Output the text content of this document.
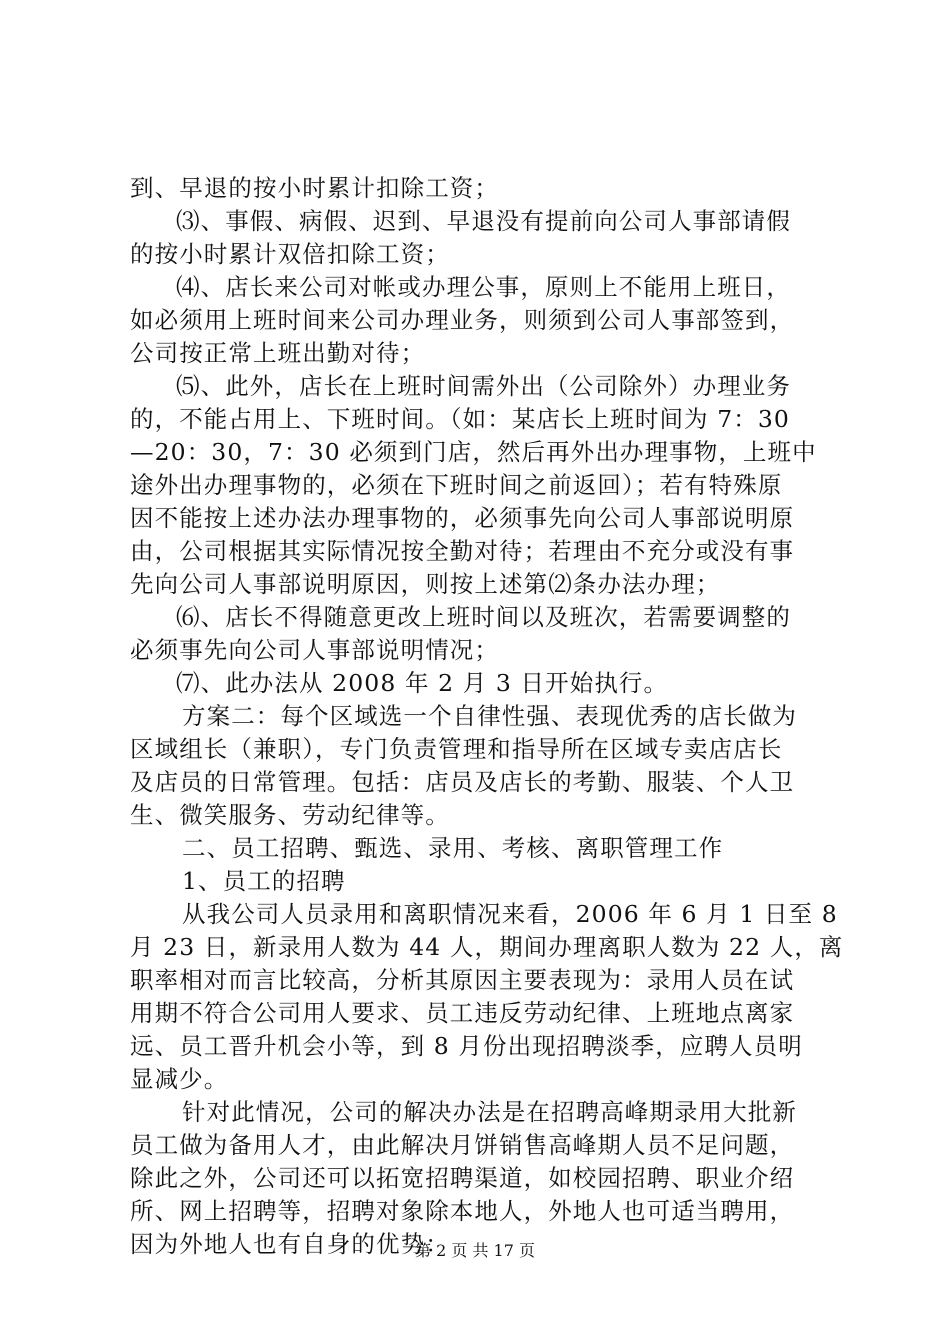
到、早退的按小时累计扣除工资；
⑶、事假、病假、迟到、早退没有提前向公司人事部请假
的按小时累计双倍扣除工资；
⑷、店长来公司对帐或办理公事，原则上不能用上班日，
如必须用上班时间来公司办理业务，则须到公司人事部签到，
公司按正常上班出勤对待；
⑸、此外，店长在上班时间需外出（公司除外）办理业务
的，不能占用上、下班时间。（如：某店长上班时间为 7：30
—20：30，7：30 必须到门店，然后再外出办理事物，上班中
途外出办理事物的，必须在下班时间之前返回）；若有特殊原
因不能按上述办法办理事物的，必须事先向公司人事部说明原
由，公司根据其实际情况按全勤对待；若理由不充分或没有事
先向公司人事部说明原因，则按上述第⑵条办法办理；
⑹、店长不得随意更改上班时间以及班次，若需要调整的
必须事先向公司人事部说明情况；
⑺、此办法从 2008 年 2 月 3 日开始执行。
方案二：每个区域选一个自律性强、表现优秀的店长做为
区域组长（兼职），专门负责管理和指导所在区域专卖店店长
及店员的日常管理。包括：店员及店长的考勤、服装、个人卫
生、微笑服务、劳动纪律等。
二、员工招聘、甄选、录用、考核、离职管理工作
1、员工的招聘
从我公司人员录用和离职情况来看，2006 年 6 月 1 日至 8
月 23 日，新录用人数为 44 人，期间办理离职人数为 22 人，离
职率相对而言比较高，分析其原因主要表现为：录用人员在试
用期不符合公司用人要求、员工违反劳动纪律、上班地点离家
远、员工晋升机会小等，到 8 月份出现招聘淡季，应聘人员明
显减少。
针对此情况，公司的解决办法是在招聘高峰期录用大批新
员工做为备用人才，由此解决月饼销售高峰期人员不足问题，
除此之外，公司还可以拓宽招聘渠道，如校园招聘、职业介绍
所、网上招聘等，招聘对象除本地人，外地人也可适当聘用，
因为外地人也有自身的优势：
第 2 页 共 17 页
